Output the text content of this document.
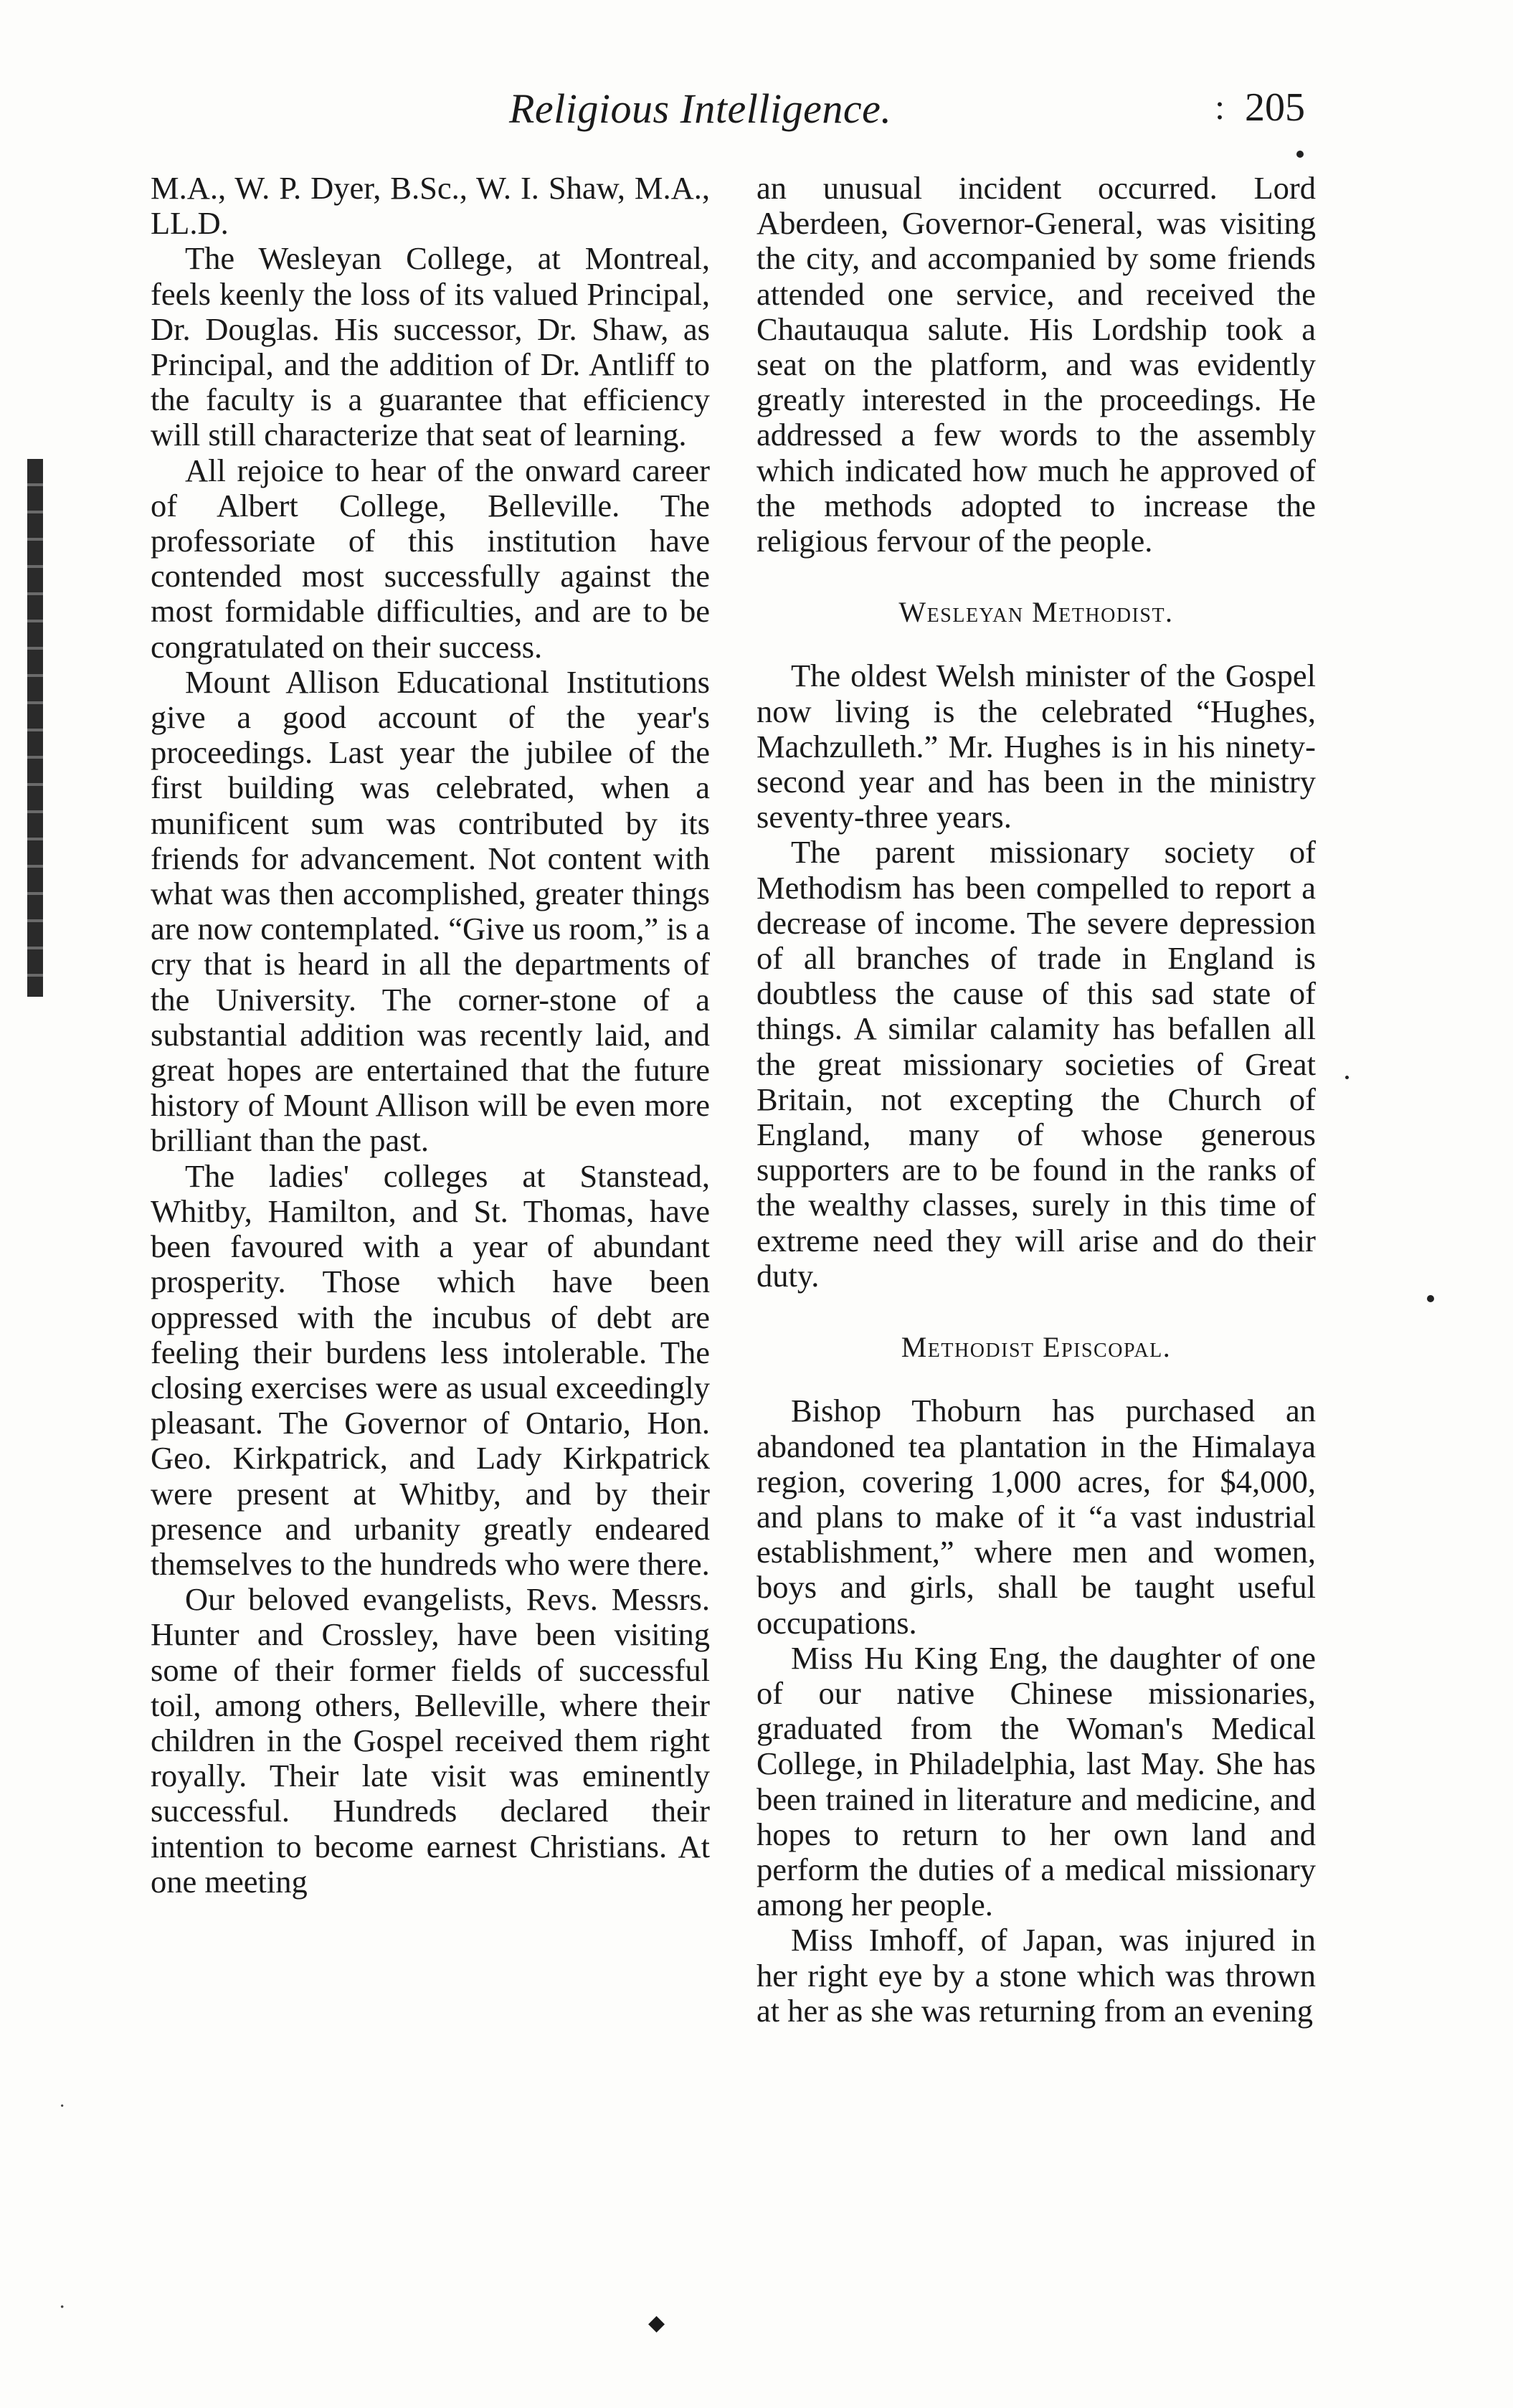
Religious Intelligence.	: 205

M.A., W. P. Dyer, B.Sc., W. I. Shaw, M.A., LL.D.

The Wesleyan College, at Montreal, feels keenly the loss of its valued Principal, Dr. Douglas. His successor, Dr. Shaw, as Principal, and the addition of Dr. Antliff to the faculty is a guarantee that efficiency will still characterize that seat of learning.

All rejoice to hear of the onward career of Albert College, Belleville. The professoriate of this institution have contended most successfully against the most formidable difficulties, and are to be congratulated on their success.

Mount Allison Educational Institutions give a good account of the year's proceedings. Last year the jubilee of the first building was celebrated, when a munificent sum was contributed by its friends for advancement. Not content with what was then accomplished, greater things are now contemplated. “Give us room,” is a cry that is heard in all the departments of the University. The corner-stone of a substantial addition was recently laid, and great hopes are entertained that the future history of Mount Allison will be even more brilliant than the past.

The ladies' colleges at Stanstead, Whitby, Hamilton, and St. Thomas, have been favoured with a year of abundant prosperity. Those which have been oppressed with the incubus of debt are feeling their burdens less intolerable. The closing exercises were as usual exceedingly pleasant. The Governor of Ontario, Hon. Geo. Kirkpatrick, and Lady Kirkpatrick were present at Whitby, and by their presence and urbanity greatly endeared themselves to the hundreds who were there.

Our beloved evangelists, Revs. Messrs. Hunter and Crossley, have been visiting some of their former fields of successful toil, among others, Belleville, where their children in the Gospel received them right royally. Their late visit was eminently successful. Hundreds declared their intention to become earnest Christians. At one meeting

an unusual incident occurred. Lord Aberdeen, Governor-General, was visiting the city, and accompanied by some friends attended one service, and received the Chautauqua salute. His Lordship took a seat on the platform, and was evidently greatly interested in the proceedings. He addressed a few words to the assembly which indicated how much he approved of the methods adopted to increase the religious fervour of the people.

Wesleyan Methodist.

The oldest Welsh minister of the Gospel now living is the celebrated “Hughes, Machzulleth.” Mr. Hughes is in his ninety-second year and has been in the ministry seventy-three years.

The parent missionary society of Methodism has been compelled to report a decrease of income. The severe depression of all branches of trade in England is doubtless the cause of this sad state of things. A similar calamity has befallen all the great missionary societies of Great Britain, not excepting the Church of England, many of whose generous supporters are to be found in the ranks of the wealthy classes, surely in this time of extreme need they will arise and do their duty.

Methodist Episcopal.

Bishop Thoburn has purchased an abandoned tea plantation in the Himalaya region, covering 1,000 acres, for $4,000, and plans to make of it “a vast industrial establishment,” where men and women, boys and girls, shall be taught useful occupations.

Miss Hu King Eng, the daughter of one of our native Chinese missionaries, graduated from the Woman's Medical College, in Philadelphia, last May. She has been trained in literature and medicine, and hopes to return to her own land and perform the duties of a medical missionary among her people.

Miss Imhoff, of Japan, was injured in her right eye by a stone which was thrown at her as she was returning from an evening

◆
·
․
